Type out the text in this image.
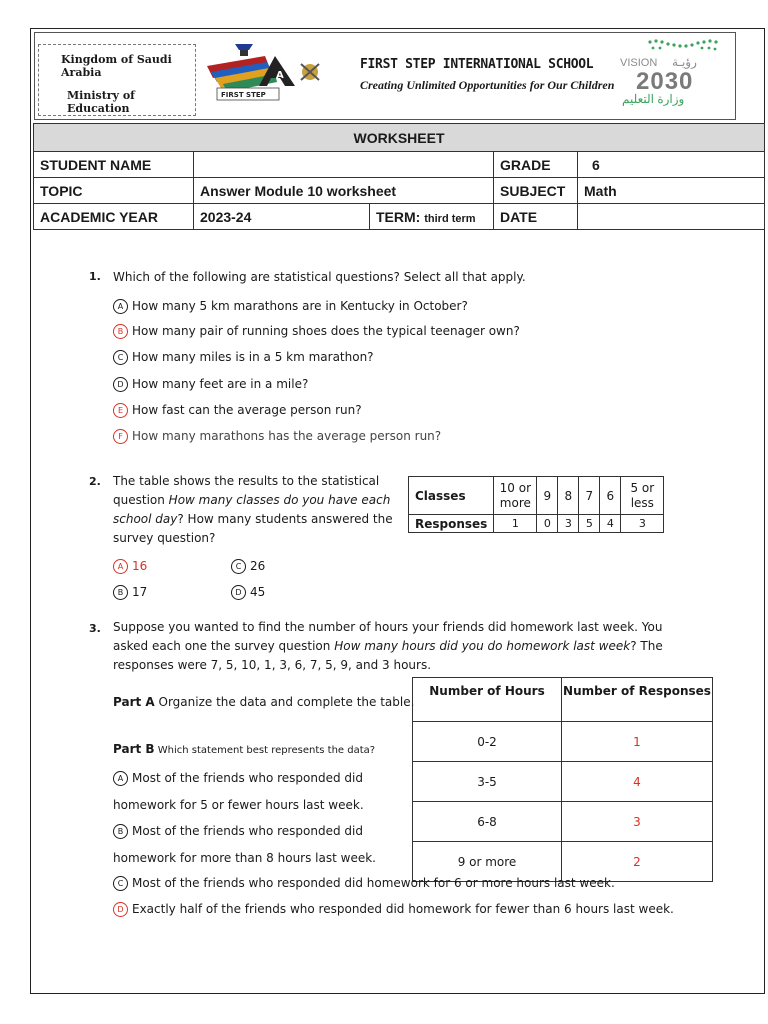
Kingdom of Saudi Arabia
Ministry of Education
A
FIRST STEP
FIRST STEP INTERNATIONAL SCHOOL
Creating Unlimited Opportunities for Our Children
VISION رؤيـة
2030
وزارة التعليم
WORKSHEET				
STUDENT NAME			GRADE	6
TOPIC	Answer Module 10 worksheet		SUBJECT	Math
ACADEMIC YEAR	2023-24	TERM: third term	DATE	
1. Which of the following are statistical questions? Select all that apply.
A How many 5 km marathons are in Kentucky in October?
B How many pair of running shoes does the typical teenager own?
C How many miles is in a 5 km marathon?
D How many feet are in a mile?
E How fast can the average person run?
F How many marathons has the average person run?
2. The table shows the results to the statistical
question How many classes do you have each
school day? How many students answered the
survey question?
Classes	10 or
more	9	8	7	6	5 or
less
Responses	1	0	3	5	4	3
A 16	C 26
B 17	D 45
3. Suppose you wanted to find the number of hours your friends did homework last week. You
asked each one the survey question How many hours did you do homework last week? The
responses were 7, 5, 10, 1, 3, 6, 7, 5, 9, and 3 hours.
Part A Organize the data and complete the table.
Part B Which statement best represents the data?
Number of Hours	Number of Responses
0-2	1
3-5	4
6-8	3
9 or more	2
A Most of the friends who responded did
homework for 5 or fewer hours last week.
B Most of the friends who responded did
homework for more than 8 hours last week.
C Most of the friends who responded did homework for 6 or more hours last week.
D Exactly half of the friends who responded did homework for fewer than 6 hours last week.
